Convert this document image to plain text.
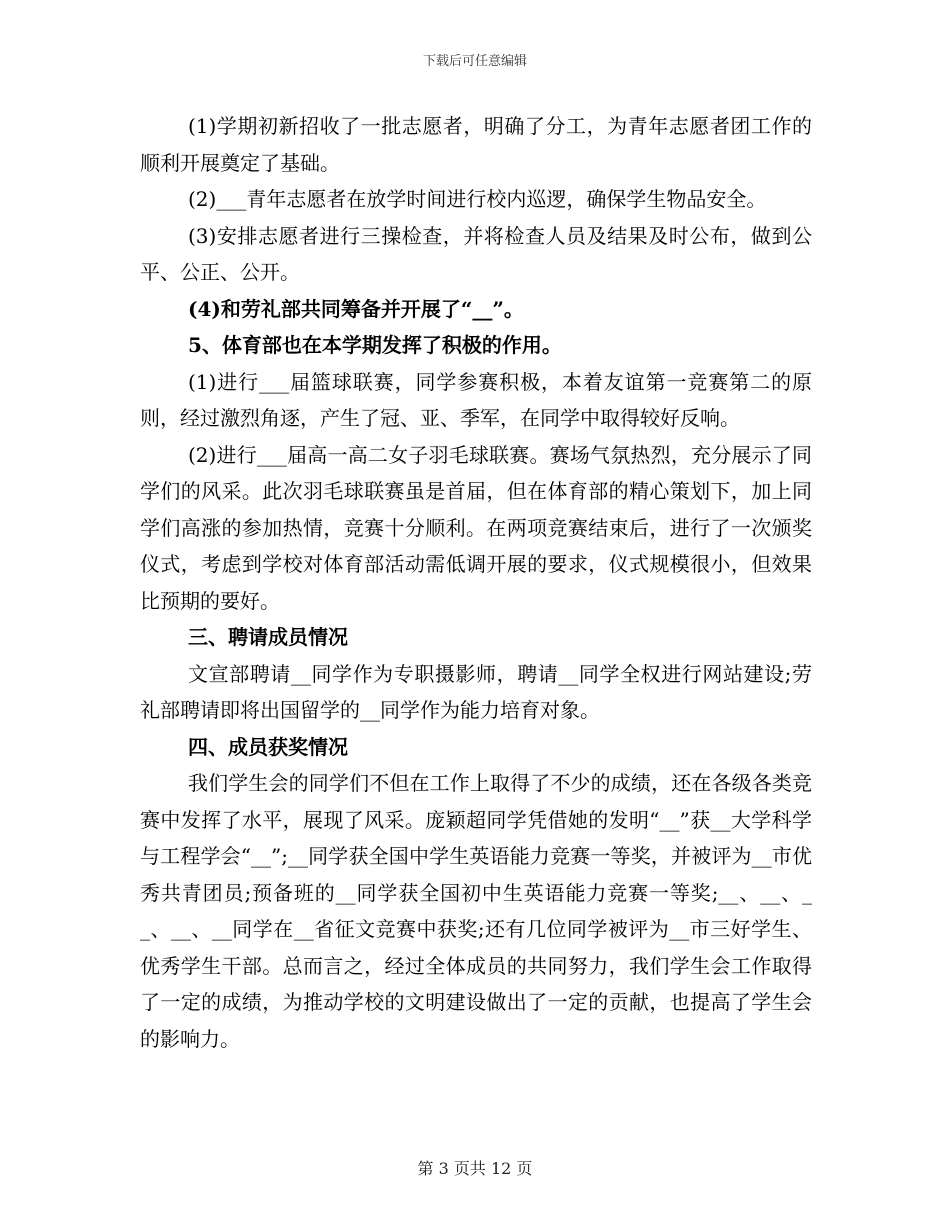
下载后可任意编辑

(1)学期初新招收了一批志愿者，明确了分工，为青年志愿者团工作的顺利开展奠定了基础。

(2)___青年志愿者在放学时间进行校内巡逻，确保学生物品安全。

(3)安排志愿者进行三操检查，并将检查人员及结果及时公布，做到公平、公正、公开。

(4)和劳礼部共同筹备并开展了“__”。

5、体育部也在本学期发挥了积极的作用。

(1)进行___届篮球联赛，同学参赛积极，本着友谊第一竞赛第二的原则，经过激烈角逐，产生了冠、亚、季军，在同学中取得较好反响。

(2)进行___届高一高二女子羽毛球联赛。赛场气氛热烈，充分展示了同学们的风采。此次羽毛球联赛虽是首届，但在体育部的精心策划下，加上同学们高涨的参加热情，竞赛十分顺利。在两项竞赛结束后，进行了一次颁奖仪式，考虑到学校对体育部活动需低调开展的要求，仪式规模很小，但效果比预期的要好。

三、聘请成员情况

文宣部聘请__同学作为专职摄影师，聘请__同学全权进行网站建设;劳礼部聘请即将出国留学的__同学作为能力培育对象。

四、成员获奖情况

我们学生会的同学们不但在工作上取得了不少的成绩，还在各级各类竞赛中发挥了水平，展现了风采。庞颖超同学凭借她的发明“__”获__大学科学与工程学会“__”;__同学获全国中学生英语能力竞赛一等奖，并被评为__市优秀共青团员;预备班的__同学获全国初中生英语能力竞赛一等奖;__、__、__、__、__同学在__省征文竞赛中获奖;还有几位同学被评为__市三好学生、优秀学生干部。总而言之，经过全体成员的共同努力，我们学生会工作取得了一定的成绩，为推动学校的文明建设做出了一定的贡献，也提高了学生会的影响力。

第 3 页共 12 页
